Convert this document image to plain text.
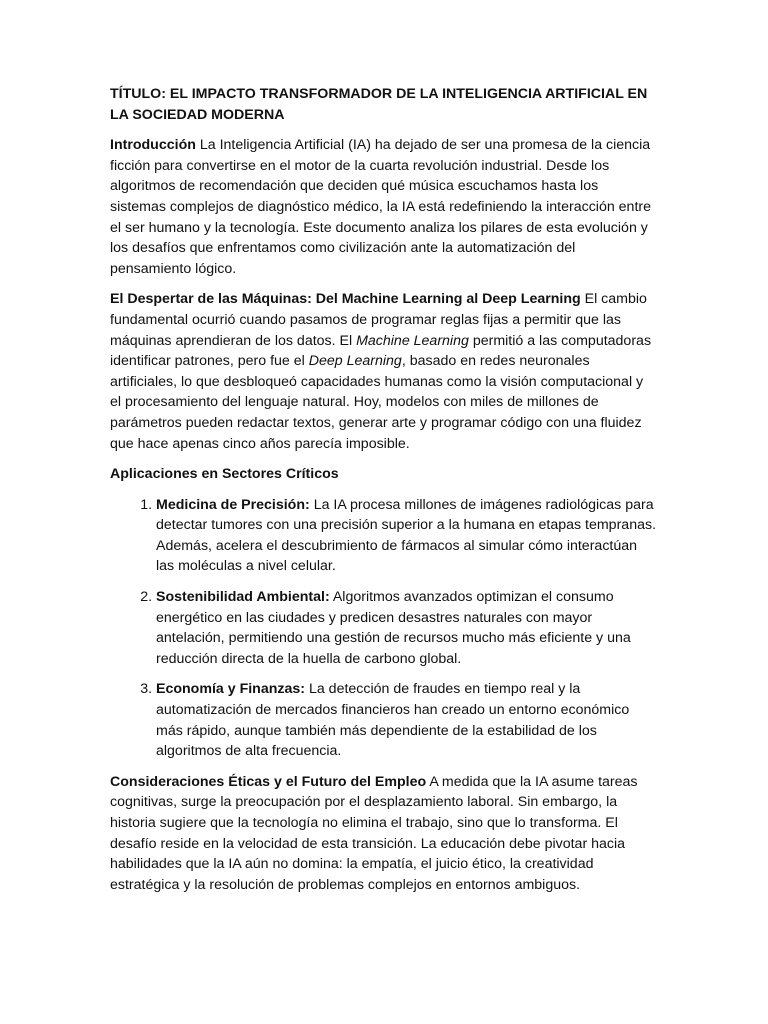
TÍTULO: EL IMPACTO TRANSFORMADOR DE LA INTELIGENCIA ARTIFICIAL EN LA SOCIEDAD MODERNA

Introducción La Inteligencia Artificial (IA) ha dejado de ser una promesa de la ciencia ficción para convertirse en el motor de la cuarta revolución industrial. Desde los algoritmos de recomendación que deciden qué música escuchamos hasta los sistemas complejos de diagnóstico médico, la IA está redefiniendo la interacción entre el ser humano y la tecnología. Este documento analiza los pilares de esta evolución y los desafíos que enfrentamos como civilización ante la automatización del pensamiento lógico.

El Despertar de las Máquinas: Del Machine Learning al Deep Learning El cambio fundamental ocurrió cuando pasamos de programar reglas fijas a permitir que las máquinas aprendieran de los datos. El Machine Learning permitió a las computadoras identificar patrones, pero fue el Deep Learning, basado en redes neuronales artificiales, lo que desbloqueó capacidades humanas como la visión computacional y el procesamiento del lenguaje natural. Hoy, modelos con miles de millones de parámetros pueden redactar textos, generar arte y programar código con una fluidez que hace apenas cinco años parecía imposible.

Aplicaciones en Sectores Críticos
1. Medicina de Precisión: La IA procesa millones de imágenes radiológicas para detectar tumores con una precisión superior a la humana en etapas tempranas. Además, acelera el descubrimiento de fármacos al simular cómo interactúan las moléculas a nivel celular.
2. Sostenibilidad Ambiental: Algoritmos avanzados optimizan el consumo energético en las ciudades y predicen desastres naturales con mayor antelación, permitiendo una gestión de recursos mucho más eficiente y una reducción directa de la huella de carbono global.
3. Economía y Finanzas: La detección de fraudes en tiempo real y la automatización de mercados financieros han creado un entorno económico más rápido, aunque también más dependiente de la estabilidad de los algoritmos de alta frecuencia.

Consideraciones Éticas y el Futuro del Empleo A medida que la IA asume tareas cognitivas, surge la preocupación por el desplazamiento laboral. Sin embargo, la historia sugiere que la tecnología no elimina el trabajo, sino que lo transforma. El desafío reside en la velocidad de esta transición. La educación debe pivotar hacia habilidades que la IA aún no domina: la empatía, el juicio ético, la creatividad estratégica y la resolución de problemas complejos en entornos ambiguos.
